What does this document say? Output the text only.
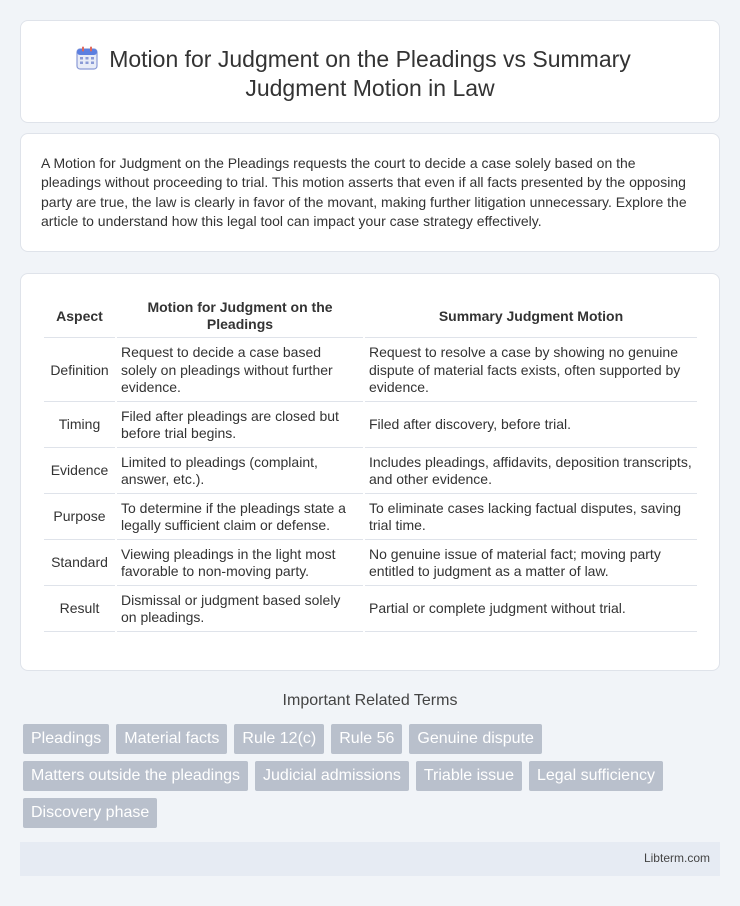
Motion for Judgment on the Pleadings vs Summary
Judgment Motion in Law

A Motion for Judgment on the Pleadings requests the court to decide a case solely based on the pleadings without proceeding to trial. This motion asserts that even if all facts presented by the opposing party are true, the law is clearly in favor of the movant, making further litigation unnecessary. Explore the article to understand how this legal tool can impact your case strategy effectively.

Aspect	Motion for Judgment on the Pleadings	Summary Judgment Motion
Definition	Request to decide a case based solely on pleadings without further evidence.	Request to resolve a case by showing no genuine dispute of material facts exists, often supported by evidence.
Timing	Filed after pleadings are closed but before trial begins.	Filed after discovery, before trial.
Evidence	Limited to pleadings (complaint, answer, etc.).	Includes pleadings, affidavits, deposition transcripts, and other evidence.
Purpose	To determine if the pleadings state a legally sufficient claim or defense.	To eliminate cases lacking factual disputes, saving trial time.
Standard	Viewing pleadings in the light most favorable to non-moving party.	No genuine issue of material fact; moving party entitled to judgment as a matter of law.
Result	Dismissal or judgment based solely on pleadings.	Partial or complete judgment without trial.
Important Related Terms
Pleadings	Material facts	Rule 12(c)	Rule 56	Genuine dispute
Matters outside the pleadings	Judicial admissions	Triable issue	Legal sufficiency
Discovery phase
Libterm.com
